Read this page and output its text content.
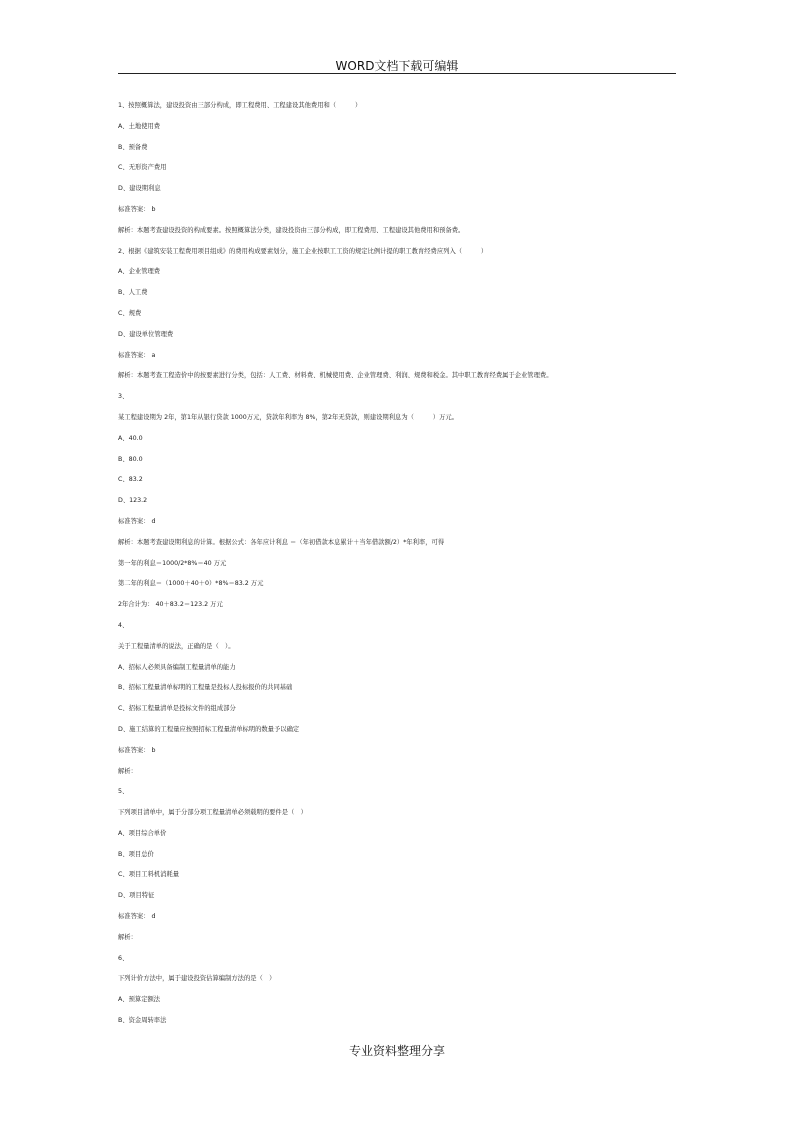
WORD文档下载可编辑
1、按照概算法，建设投资由三部分构成，即工程费用、工程建设其他费用和（　　　）
A、土地使用费
B、预备费
C、无形资产费用
D、建设期利息
标准答案： b
解析：本题考查建设投资的构成要素。按照概算法分类，建设投资由三部分构成，即工程费用、工程建设其他费用和预备费。
2、根据《建筑安装工程费用项目组成》的费用构成要素划分，施工企业按职工工资的规定比例计提的职工教育经费应列入（　　　）
A、企业管理费
B、人工费
C、规费
D、建设单位管理费
标准答案： a
解析：本题考查工程造价中的按要素进行分类，包括：人工费、材料费、机械使用费、企业管理费、利润、规费和税金。其中职工教育经费属于企业管理费。
3、
某工程建设期为 2年，第1年从银行贷款 1000万元，贷款年利率为 8%，第2年无贷款，则建设期利息为（　　　）万元。
A、40.0
B、80.0
C、83.2
D、123.2
标准答案： d
解析：本题考查建设期利息的计算。根据公式：各年应计利息 ＝（年初借款本息累计＋当年借款额/2）*年利率，可得
第一年的利息＝1000/2*8%＝40 万元
第二年的利息＝（1000＋40＋0）*8%＝83.2 万元
2年合计为： 40＋83.2＝123.2 万元
4、
关于工程量清单的说法，正确的是（　）。
A、招标人必须具备编制工程量清单的能力
B、招标工程量清单标明的工程量是投标人投标报价的共同基础
C、招标工程量清单是投标文件的组成部分
D、施工结算的工程量应按照招标工程量清单标明的数量予以确定
标准答案： b
解析：
5、
下列项目清单中，属于分部分项工程量清单必须载明的要件是（　）
A、项目综合单价
B、项目总价
C、项目工料机消耗量
D、项目特征
标准答案： d
解析：
6、
下列计价方法中，属于建设投资估算编制方法的是（　）
A、预算定额法
B、资金周转率法
专业资料整理分享
